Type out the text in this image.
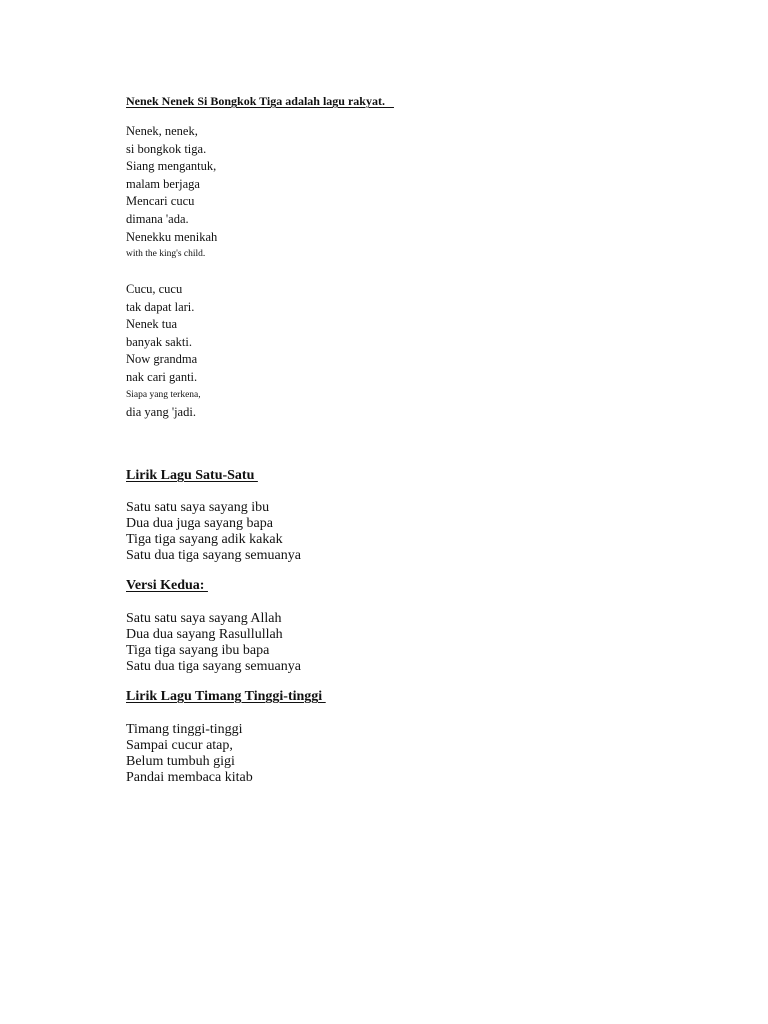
Nenek Nenek Si Bongkok Tiga adalah lagu rakyat.
Nenek, nenek,
si bongkok tiga.
Siang mengantuk,
malam berjaga
Mencari cucu
dimana 'ada.
Nenekku menikah
with the king's child.
Cucu, cucu
tak dapat lari.
Nenek tua
banyak sakti.
Now grandma
nak cari ganti.
Siapa yang terkena,
dia yang 'jadi.
Lirik Lagu Satu-Satu
Satu satu saya sayang ibu
Dua dua juga sayang bapa
Tiga tiga sayang adik kakak
Satu dua tiga sayang semuanya
Versi Kedua:
Satu satu saya sayang Allah
Dua dua sayang Rasullullah
Tiga tiga sayang ibu bapa
Satu dua tiga sayang semuanya
Lirik Lagu Timang Tinggi-tinggi
Timang tinggi-tinggi
Sampai cucur atap,
Belum tumbuh gigi
Pandai membaca kitab
